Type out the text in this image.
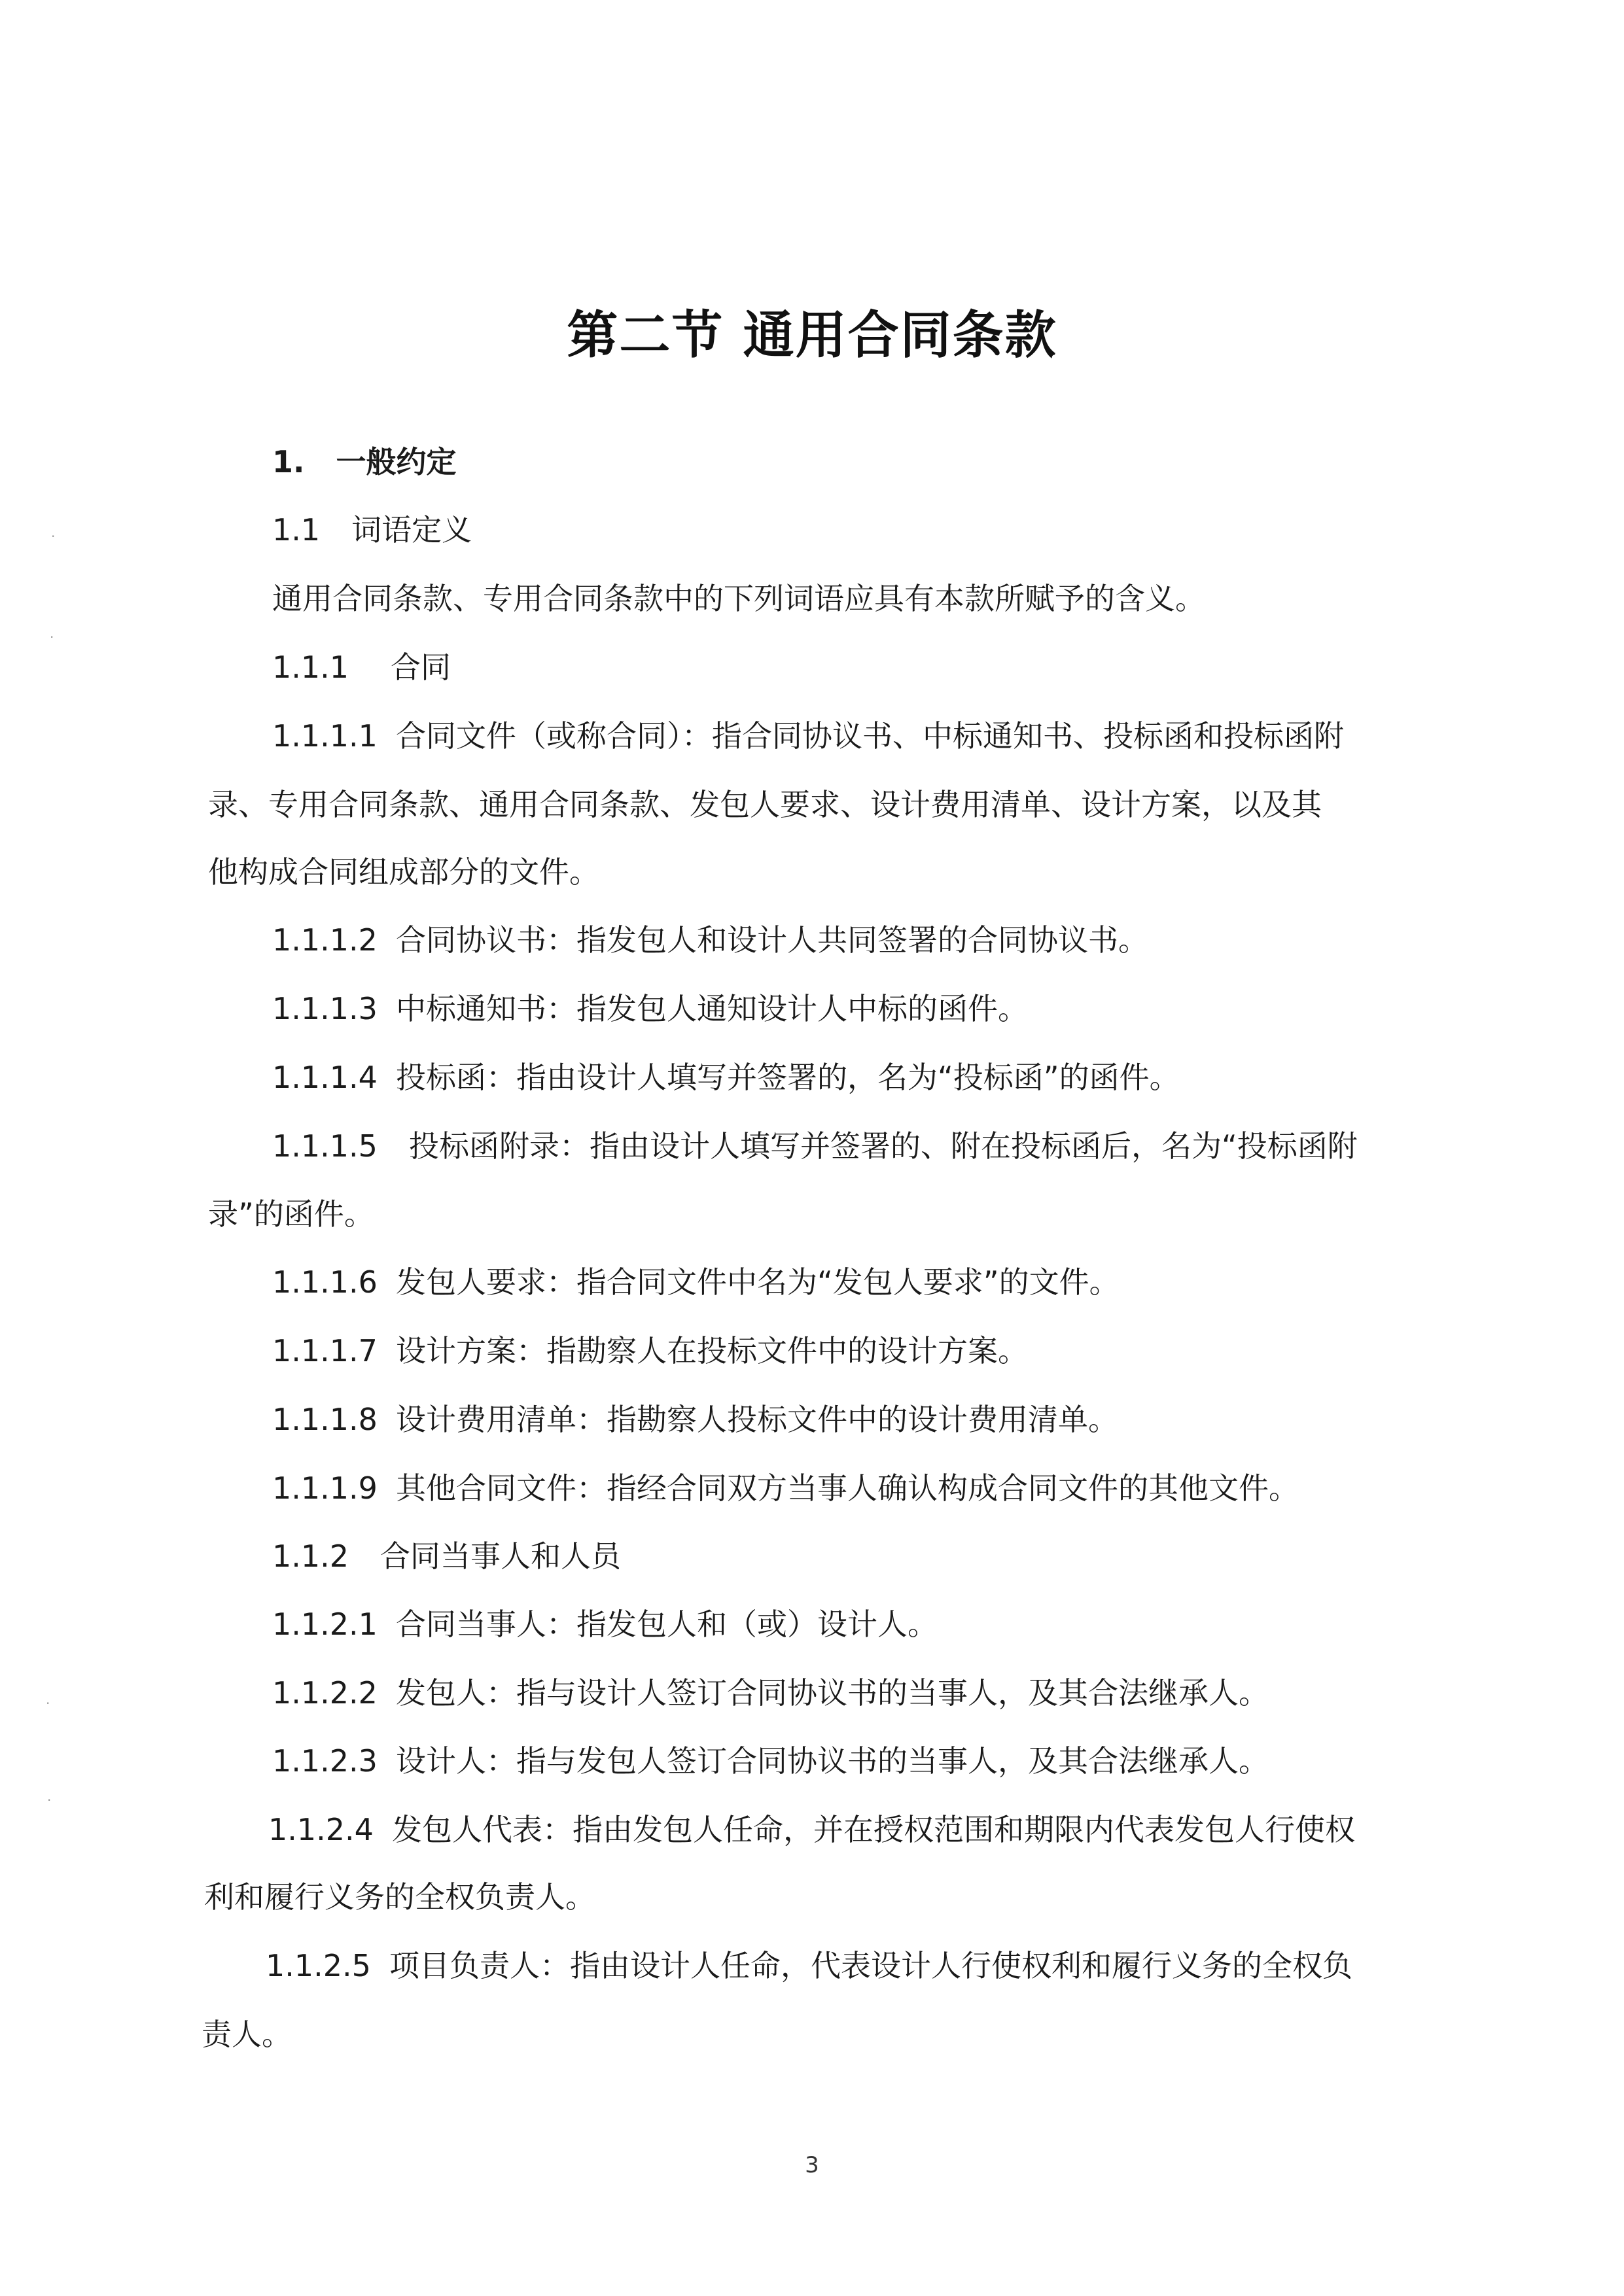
第二节 通用合同条款
1. 一般约定
1.1 词语定义
通用合同条款、专用合同条款中的下列词语应具有本款所赋予的含义。
1.1.1 合同
1.1.1.1 合同文件（或称合同）：指合同协议书、中标通知书、投标函和投标函附
录、专用合同条款、通用合同条款、发包人要求、设计费用清单、设计方案，以及其
他构成合同组成部分的文件。
1.1.1.2 合同协议书：指发包人和设计人共同签署的合同协议书。
1.1.1.3 中标通知书：指发包人通知设计人中标的函件。
1.1.1.4 投标函：指由设计人填写并签署的，名为“投标函”的函件。
1.1.1.5 投标函附录：指由设计人填写并签署的、附在投标函后，名为“投标函附
录”的函件。
1.1.1.6 发包人要求：指合同文件中名为“发包人要求”的文件。
1.1.1.7 设计方案：指勘察人在投标文件中的设计方案。
1.1.1.8 设计费用清单：指勘察人投标文件中的设计费用清单。
1.1.1.9 其他合同文件：指经合同双方当事人确认构成合同文件的其他文件。
1.1.2 合同当事人和人员
1.1.2.1 合同当事人：指发包人和（或）设计人。
1.1.2.2 发包人：指与设计人签订合同协议书的当事人，及其合法继承人。
1.1.2.3 设计人：指与发包人签订合同协议书的当事人，及其合法继承人。
1.1.2.4 发包人代表：指由发包人任命，并在授权范围和期限内代表发包人行使权
利和履行义务的全权负责人。
1.1.2.5 项目负责人：指由设计人任命，代表设计人行使权利和履行义务的全权负
责人。
3
·
·
·
·
